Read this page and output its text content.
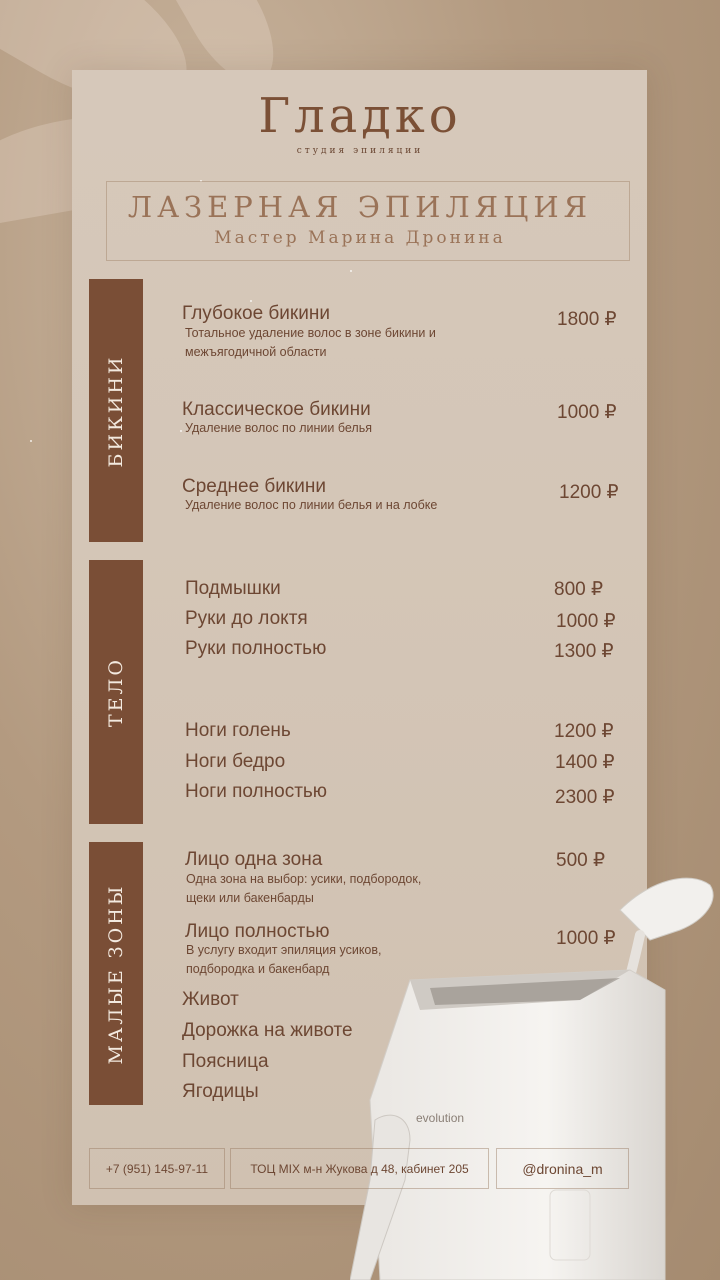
Гладко
студия эпиляции
ЛАЗЕРНАЯ ЭПИЛЯЦИЯ
Мастер Марина Дронина
БИКИНИ
ТЕЛО
МАЛЫЕ ЗОНЫ
Глубокое бикини
Тотальное удаление волос в зоне бикини и межъягодичной области
1800 ₽
Классическое бикини
Удаление волос по линии белья
1000 ₽
Среднее бикини
Удаление волос по линии белья и на лобке
1200 ₽
Подмышки	800 ₽
Руки до локтя	1000 ₽
Руки полностью	1300 ₽
Ноги голень	1200 ₽
Ноги бедро	1400 ₽
Ноги полностью	2300 ₽
Лицо одна зона
Одна зона на выбор: усики, подбородок, щеки или бакенбарды
500 ₽
Лицо полностью
В услугу входит эпиляция усиков, подбородка и бакенбард
1000 ₽
Живот
Дорожка на животе
Поясница
Ягодицы
evolution
+7 (951) 145-97-11	ТОЦ MIX м-н Жукова д 48, кабинет 205	@dronina_m
